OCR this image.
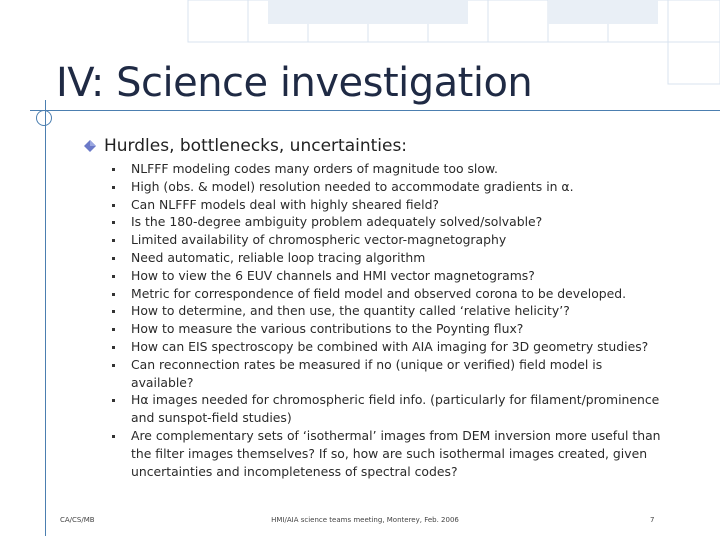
IV: Science investigation
Hurdles, bottlenecks, uncertainties:
NLFFF modeling codes many orders of magnitude too slow.
High (obs. & model) resolution needed to accommodate gradients in α.
Can NLFFF models deal with highly sheared field?
Is the 180-degree ambiguity problem adequately solved/solvable?
Limited availability of chromospheric vector-magnetography
Need automatic, reliable loop tracing algorithm
How to view the 6 EUV channels and HMI vector magnetograms?
Metric for correspondence of field model and observed corona to be developed.
How to determine, and then use, the quantity called ‘relative helicity’?
How to measure the various contributions to the Poynting flux?
How can EIS spectroscopy be combined with AIA imaging for 3D geometry studies?
Can reconnection rates be measured if no (unique or verified) field model is available?
Hα images needed for chromospheric field info. (particularly for filament/prominence and sunspot-field studies)
Are complementary sets of ‘isothermal’ images from DEM inversion more useful than the filter images themselves? If so, how are such isothermal images created, given uncertainties and incompleteness of spectral codes?
CA/CS/MB	HMI/AIA science teams meeting, Monterey, Feb. 2006	7
